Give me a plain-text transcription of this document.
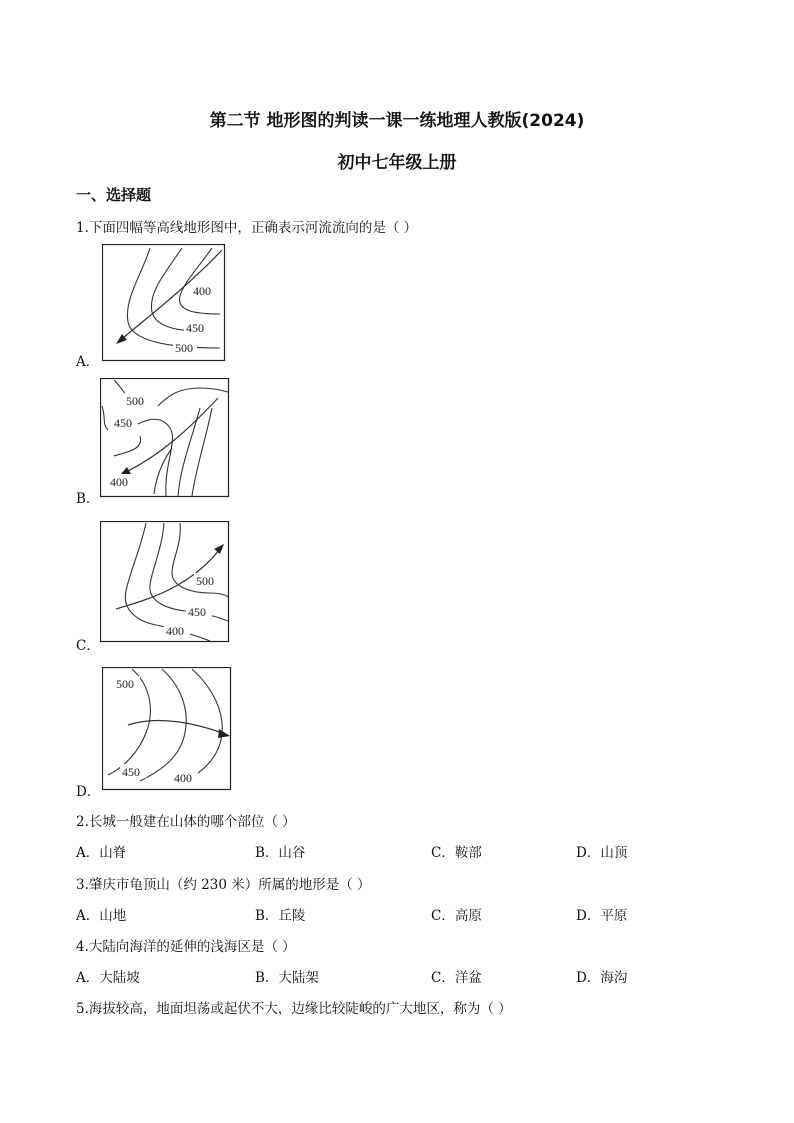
第二节 地形图的判读一课一练地理人教版(2024)
初中七年级上册
一、选择题
1.下面四幅等高线地形图中，正确表示河流流向的是（ ）
A．
400
450
500
B．
500
450
400
C．
500
450
400
D．
500
450	400
2.长城一般建在山体的哪个部位（ ）
A．山脊	B．山谷	C．鞍部	D．山顶
3.肇庆市龟顶山（约 230 米）所属的地形是（ ）
A．山地	B．丘陵	C．高原	D．平原
4.大陆向海洋的延伸的浅海区是（ ）
A．大陆坡	B．大陆架	C．洋盆	D．海沟
5.海拔较高，地面坦荡或起伏不大，边缘比较陡峻的广大地区，称为（ ）
